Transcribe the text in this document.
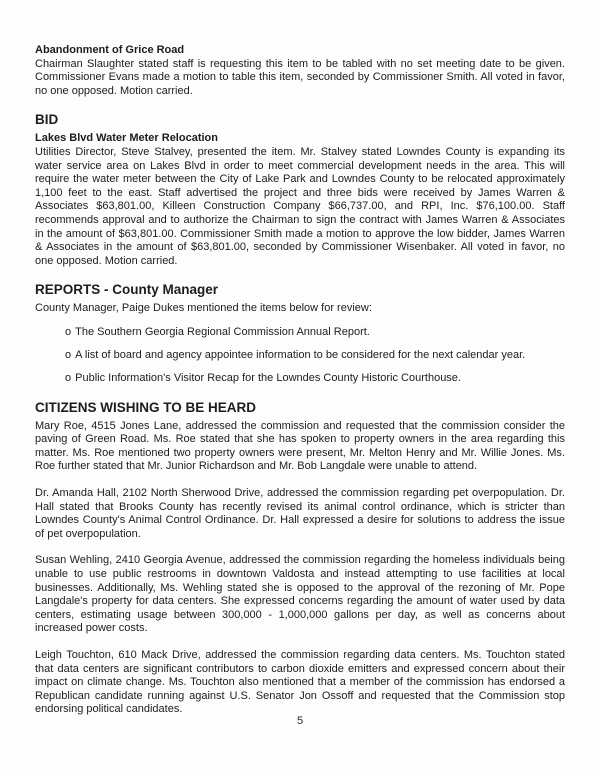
Abandonment of Grice Road

Chairman Slaughter stated staff is requesting this item to be tabled with no set meeting date to be given. Commissioner Evans made a motion to table this item, seconded by Commissioner Smith. All voted in favor, no one opposed. Motion carried.

BID
Lakes Blvd Water Meter Relocation

Utilities Director, Steve Stalvey, presented the item. Mr. Stalvey stated Lowndes County is expanding its water service area on Lakes Blvd in order to meet commercial development needs in the area. This will require the water meter between the City of Lake Park and Lowndes County to be relocated approximately 1,100 feet to the east. Staff advertised the project and three bids were received by James Warren & Associates $63,801.00, Killeen Construction Company $66,737.00, and RPI, Inc. $76,100.00. Staff recommends approval and to authorize the Chairman to sign the contract with James Warren & Associates in the amount of $63,801.00. Commissioner Smith made a motion to approve the low bidder, James Warren & Associates in the amount of $63,801.00, seconded by Commissioner Wisenbaker. All voted in favor, no one opposed. Motion carried.

REPORTS - County Manager

County Manager, Paige Dukes mentioned the items below for review:

o The Southern Georgia Regional Commission Annual Report.
o A list of board and agency appointee information to be considered for the next calendar year.
o Public Information's Visitor Recap for the Lowndes County Historic Courthouse.
CITIZENS WISHING TO BE HEARD

Mary Roe, 4515 Jones Lane, addressed the commission and requested that the commission consider the paving of Green Road. Ms. Roe stated that she has spoken to property owners in the area regarding this matter. Ms. Roe mentioned two property owners were present, Mr. Melton Henry and Mr. Willie Jones. Ms. Roe further stated that Mr. Junior Richardson and Mr. Bob Langdale were unable to attend.

Dr. Amanda Hall, 2102 North Sherwood Drive, addressed the commission regarding pet overpopulation. Dr. Hall stated that Brooks County has recently revised its animal control ordinance, which is stricter than Lowndes County's Animal Control Ordinance. Dr. Hall expressed a desire for solutions to address the issue of pet overpopulation.

Susan Wehling, 2410 Georgia Avenue, addressed the commission regarding the homeless individuals being unable to use public restrooms in downtown Valdosta and instead attempting to use facilities at local businesses. Additionally, Ms. Wehling stated she is opposed to the approval of the rezoning of Mr. Pope Langdale's property for data centers. She expressed concerns regarding the amount of water used by data centers, estimating usage between 300,000 - 1,000,000 gallons per day, as well as concerns about increased power costs.

Leigh Touchton, 610 Mack Drive, addressed the commission regarding data centers. Ms. Touchton stated that data centers are significant contributors to carbon dioxide emitters and expressed concern about their impact on climate change. Ms. Touchton also mentioned that a member of the commission has endorsed a Republican candidate running against U.S. Senator Jon Ossoff and requested that the Commission stop endorsing political candidates.

5
